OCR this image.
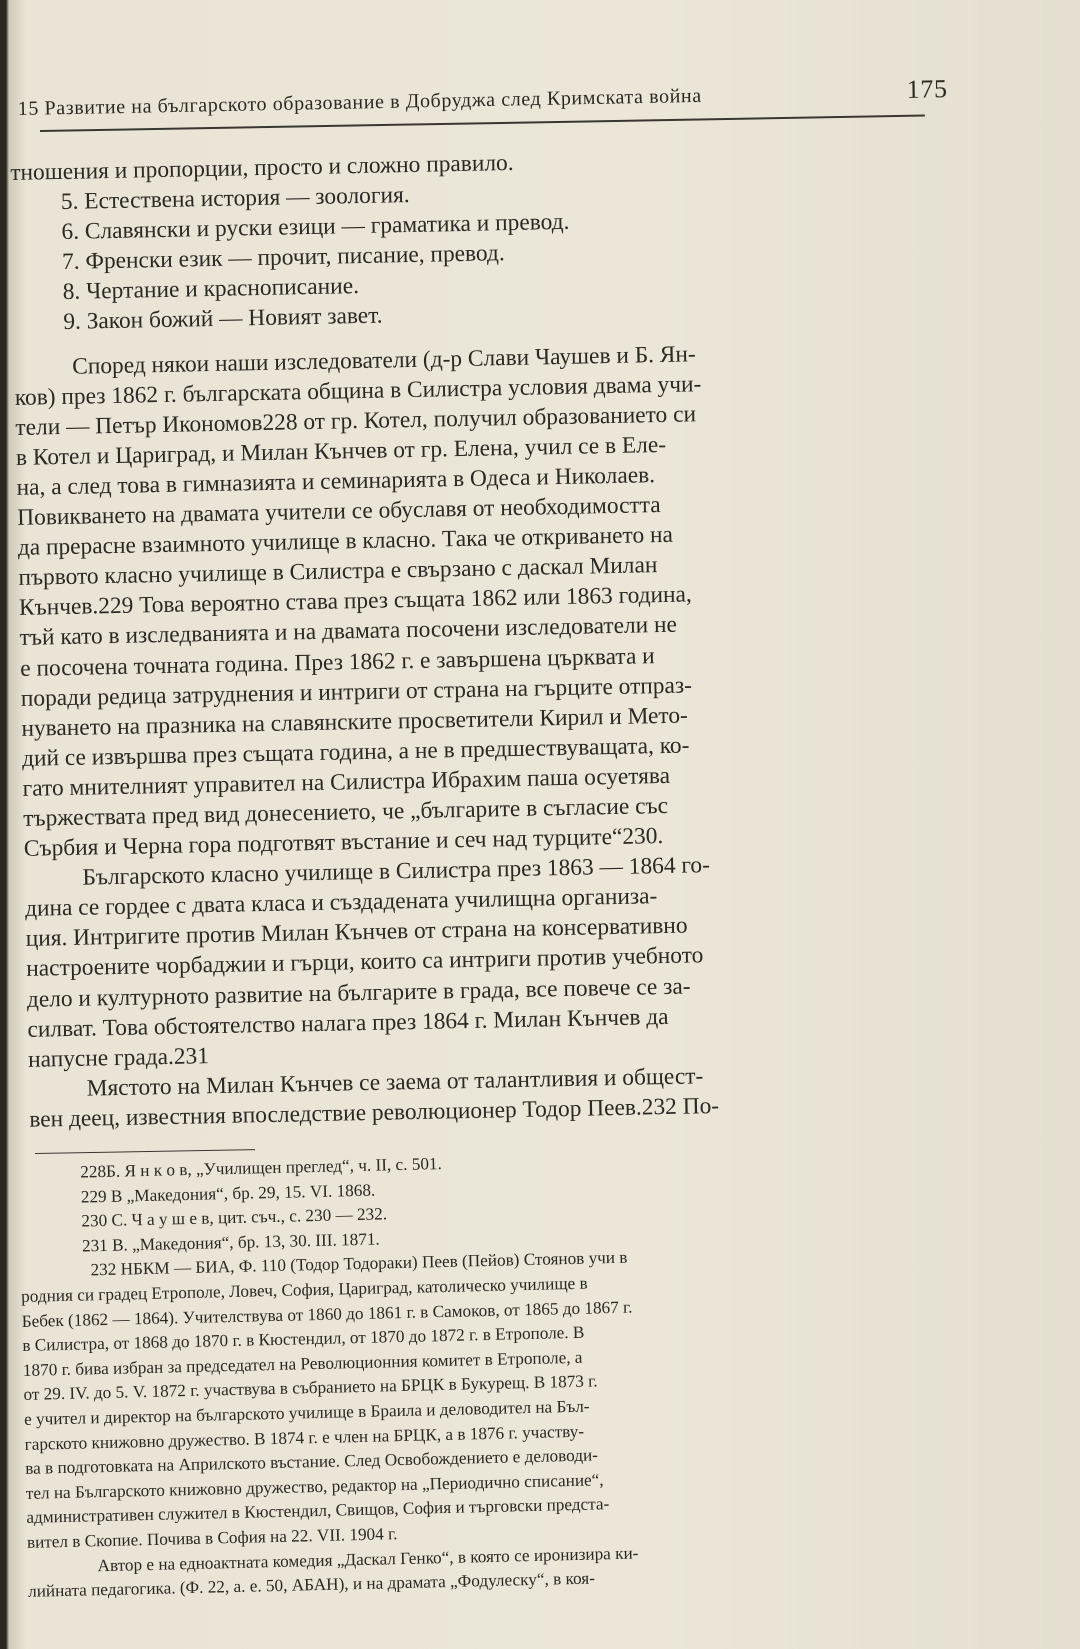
15 Развитие на българското образование в Добруджа след Кримската война	175
тношения и пропорции, просто и сложно правило.
5. Естествена история — зоология.
6. Славянски и руски езици — граматика и превод.
7. Френски език — прочит, писание, превод.
8. Чертание и краснописание.
9. Закон божий — Новият завет.
Според някои наши изследователи (д-р Слави Чаушев и Б. Ян-
ков) през 1862 г. българската община в Силистра условия двама учи-
тели — Петър Икономов228 от гр. Котел, получил образованието си
в Котел и Цариград, и Милан Кънчев от гр. Елена, учил се в Еле-
на, а след това в гимназията и семинарията в Одеса и Николаев.
Повикването на двамата учители се обуславя от необходимостта
да прерасне взаимното училище в класно. Така че откриването на
първото класно училище в Силистра е свързано с даскал Милан
Кънчев.229 Това вероятно става през същата 1862 или 1863 година,
тъй като в изследванията и на двамата посочени изследователи не
е посочена точната година. През 1862 г. е завършена църквата и
поради редица затруднения и интриги от страна на гърците отпраз-
нуването на празника на славянските просветители Кирил и Мето-
дий се извършва през същата година, а не в предшествуващата, ко-
гато мнителният управител на Силистра Ибрахим паша осуетява
тържествата пред вид донесението, че „българите в съгласие със
Сърбия и Черна гора подготвят въстание и сеч над турците“230.
Българското класно училище в Силистра през 1863 — 1864 го-
дина се гордее с двата класа и създадената училищна организа-
ция. Интригите против Милан Кънчев от страна на консервативно
настроените чорбаджии и гърци, които са интриги против учебното
дело и културното развитие на българите в града, все повече се за-
силват. Това обстоятелство налага през 1864 г. Милан Кънчев да
напусне града.231
Мястото на Милан Кънчев се заема от талантливия и общест-
вен деец, известния впоследствие революционер Тодор Пеев.232 По-
228Б. Я н к о в, „Училищен преглед“, ч. II, с. 501.
229 В „Македония“, бр. 29, 15. VI. 1868.
230 С. Ч а у ш е в, цит. съч., с. 230 — 232.
231 В. „Македония“, бр. 13, 30. III. 1871.
232 НБКМ — БИА, Ф. 110 (Тодор Тодораки) Пеев (Пейов) Стоянов учи в
родния си градец Етрополе, Ловеч, София, Цариград, католическо училище в
Бебек (1862 — 1864). Учителствува от 1860 до 1861 г. в Самоков, от 1865 до 1867 г.
в Силистра, от 1868 до 1870 г. в Кюстендил, от 1870 до 1872 г. в Етрополе. В
1870 г. бива избран за председател на Революционния комитет в Етрополе, а
от 29. IV. до 5. V. 1872 г. участвува в събранието на БРЦК в Букурещ. В 1873 г.
е учител и директор на българското училище в Браила и деловодител на Бъл-
гарското книжовно дружество. В 1874 г. е член на БРЦК, а в 1876 г. участву-
ва в подготовката на Априлското въстание. След Освобождението е деловоди-
тел на Българското книжовно дружество, редактор на „Периодично списание“,
административен служител в Кюстендил, Свищов, София и търговски предста-
вител в Скопие. Почива в София на 22. VII. 1904 г.
Автор е на едноактната комедия „Даскал Генко“, в която се иронизира ки-
лийната педагогика. (Ф. 22, а. е. 50, АБАН), и на драмата „Фодулеску“, в коя-
